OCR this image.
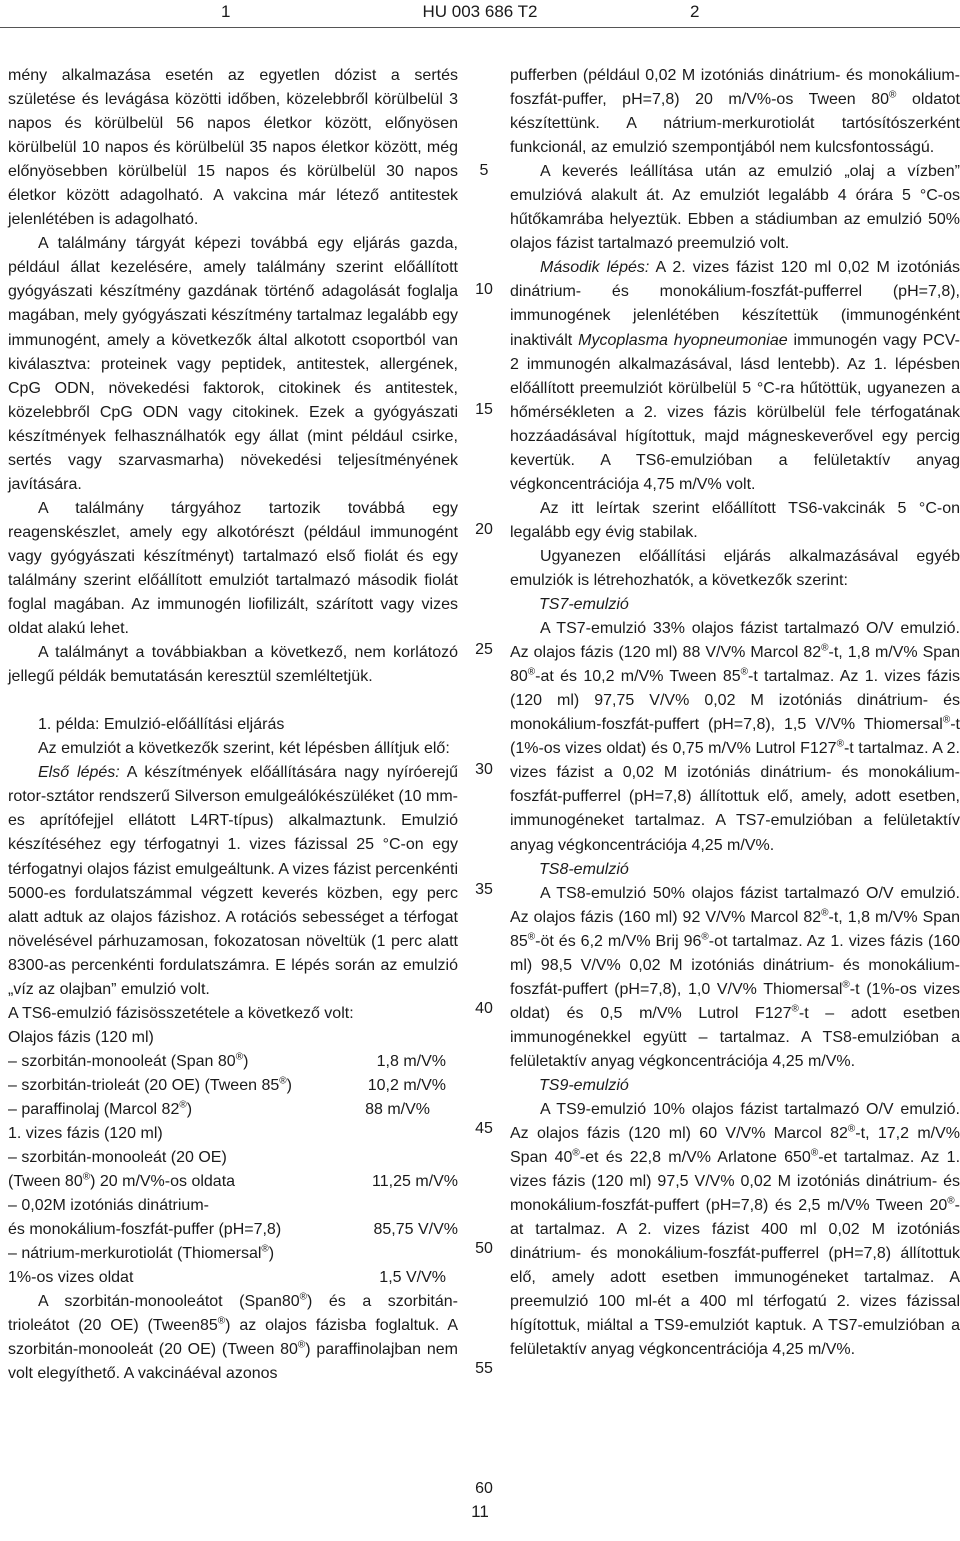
1	HU 003 686 T2	2

mény alkalmazása esetén az egyetlen dózist a sertés születése és levágása közötti időben, közelebbről körülbelül 3 napos és körülbelül 56 napos életkor között, előnyösen körülbelül 10 napos és körülbelül 35 napos életkor között, még előnyösebben körülbelül 15 napos és körülbelül 30 napos életkor között adagolható. A vakcina már létező antitestek jelenlétében is adagolható.

A találmány tárgyát képezi továbbá egy eljárás gazda, például állat kezelésére, amely találmány szerint előállított gyógyászati készítmény gazdának történő adagolását foglalja magában, mely gyógyászati készítmény tartalmaz legalább egy immunogént, amely a következők által alkotott csoportból van kiválasztva: proteinek vagy peptidek, antitestek, allergének, CpG ODN, növekedési faktorok, citokinek és antitestek, közelebbről CpG ODN vagy citokinek. Ezek a gyógyászati készítmények felhasználhatók egy állat (mint például csirke, sertés vagy szarvasmarha) növekedési teljesítményének javítására.

A találmány tárgyához tartozik továbbá egy reagenskészlet, amely egy alkotórészt (például immunogént vagy gyógyászati készítményt) tartalmazó első fiolát és egy találmány szerint előállított emulziót tartalmazó második fiolát foglal magában. Az immunogén liofilizált, szárított vagy vizes oldat alakú lehet.

A találmányt a továbbiakban a következő, nem korlátozó jellegű példák bemutatásán keresztül szemléltetjük.

1. példa: Emulzió-előállítási eljárás

Az emulziót a következők szerint, két lépésben állítjuk elő:

Első lépés: A készítmények előállítására nagy nyíróerejű rotor-sztátor rendszerű Silverson emulgeálókészüléket (10 mm-es aprítófejjel ellátott L4RT-típus) alkalmaztunk. Emulzió készítéséhez egy térfogatnyi 1. vizes fázissal 25 °C-on egy térfogatnyi olajos fázist emulgeáltunk. A vizes fázist percenkénti 5000-es fordulatszámmal végzett keverés közben, egy perc alatt adtuk az olajos fázishoz. A rotációs sebességet a térfogat növelésével párhuzamosan, fokozatosan növeltük (1 perc alatt 8300-as percenkénti fordulatszámra. E lépés során az emulzió „víz az olajban” emulzió volt.

A TS6-emulzió fázisösszetétele a következő volt:

Olajos fázis (120 ml)

– szorbitán-monooleát (Span 80®)	1,8 m/V%
– szorbitán-trioleát (20 OE) (Tween 85®)	10,2 m/V%
– paraffinolaj (Marcol 82®)	88 m/V%

1. vizes fázis (120 ml)

– szorbitán-monooleát (20 OE)

(Tween 80®) 20 m/V%-os oldata	11,25 m/V%

– 0,02M izotóniás dinátrium-

és monokálium-foszfát-puffer (pH=7,8)	85,75 V/V%

– nátrium-merkurotiolát (Thiomersal®)

1%-os vizes oldat	1,5 V/V%

A szorbitán-monooleátot (Span80®) és a szorbitán-trioleátot (20 OE) (Tween85®) az olajos fázisba foglaltuk. A szorbitán-monooleát (20 OE) (Tween 80®) paraffinolajban nem volt elegyíthető. A vakcináéval azonos

5
10
15
20
25
30
35
40
45
50
55
60

pufferben (például 0,02 M izotóniás dinátrium- és monokálium-foszfát-puffer, pH=7,8) 20 m/V%-os Tween 80® oldatot készítettünk. A nátrium-merkurotiolát tartósítószerként funkcionál, az emulzió szempontjából nem kulcsfontosságú.

A keverés leállítása után az emulzió „olaj a vízben” emulzióvá alakult át. Az emulziót legalább 4 órára 5 °C-os hűtőkamrába helyeztük. Ebben a stádiumban az emulzió 50% olajos fázist tartalmazó preemulzió volt.

Második lépés: A 2. vizes fázist 120 ml 0,02 M izotóniás dinátrium- és monokálium-foszfát-pufferrel (pH=7,8), immunogének jelenlétében készítettük (immunogénként inaktivált Mycoplasma hyopneumoniae immunogén vagy PCV-2 immunogén alkalmazásával, lásd lentebb). Az 1. lépésben előállított preemulziót körülbelül 5 °C-ra hűtöttük, ugyanezen a hőmérsékleten a 2. vizes fázis körülbelül fele térfogatának hozzáadásával hígítottuk, majd mágneskeverővel egy percig kevertük. A TS6-emulzióban a felületaktív anyag végkoncentrációja 4,75 m/V% volt.

Az itt leírtak szerint előállított TS6-vakcinák 5 °C-on legalább egy évig stabilak.

Ugyanezen előállítási eljárás alkalmazásával egyéb emulziók is létrehozhatók, a következők szerint:

TS7-emulzió

A TS7-emulzió 33% olajos fázist tartalmazó O/V emulzió. Az olajos fázis (120 ml) 88 V/V% Marcol 82®-t, 1,8 m/V% Span 80®-at és 10,2 m/V% Tween 85®-t tartalmaz. Az 1. vizes fázis (120 ml) 97,75 V/V% 0,02 M izotóniás dinátrium- és monokálium-foszfát-puffert (pH=7,8), 1,5 V/V% Thiomersal®-t (1%-os vizes oldat) és 0,75 m/V% Lutrol F127®-t tartalmaz. A 2. vizes fázist a 0,02 M izotóniás dinátrium- és monokálium-foszfát-pufferrel (pH=7,8) állítottuk elő, amely, adott esetben, immunogéneket tartalmaz. A TS7-emulzióban a felületaktív anyag végkoncentrációja 4,25 m/V%.

TS8-emulzió

A TS8-emulzió 50% olajos fázist tartalmazó O/V emulzió. Az olajos fázis (160 ml) 92 V/V% Marcol 82®-t, 1,8 m/V% Span 85®-öt és 6,2 m/V% Brij 96®-ot tartalmaz. Az 1. vizes fázis (160 ml) 98,5 V/V% 0,02 M izotóniás dinátrium- és monokálium-foszfát-puffert (pH=7,8), 1,0 V/V% Thiomersal®-t (1%-os vizes oldat) és 0,5 m/V% Lutrol F127®-t – adott esetben immunogénekkel együtt – tartalmaz. A TS8-emulzióban a felületaktív anyag végkoncentrációja 4,25 m/V%.

TS9-emulzió

A TS9-emulzió 10% olajos fázist tartalmazó O/V emulzió. Az olajos fázis (120 ml) 60 V/V% Marcol 82®-t, 17,2 m/V% Span 40®-et és 22,8 m/V% Arlatone 650®-et tartalmaz. Az 1. vizes fázis (120 ml) 97,5 V/V% 0,02 M izotóniás dinátrium- és monokálium-foszfát-puffert (pH=7,8) és 2,5 m/V% Tween 20®-at tartalmaz. A 2. vizes fázist 400 ml 0,02 M izotóniás dinátrium- és monokálium-foszfát-pufferrel (pH=7,8) állítottuk elő, amely adott esetben immunogéneket tartalmaz. A preemulzió 100 ml-ét a 400 ml térfogatú 2. vizes fázissal hígítottuk, miáltal a TS9-emulziót kaptuk. A TS7-emulzióban a felületaktív anyag végkoncentrációja 4,25 m/V%.

11
